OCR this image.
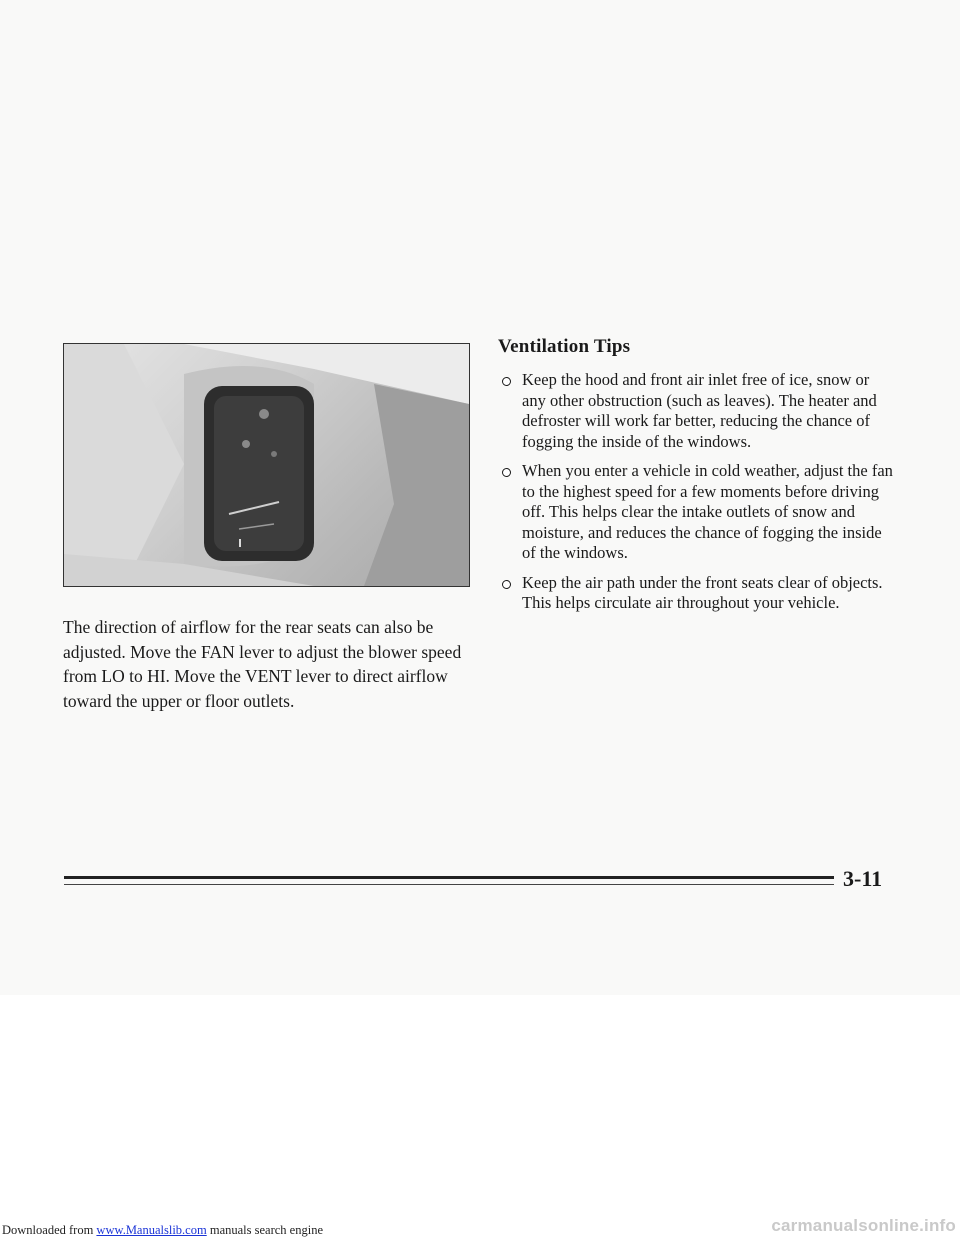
The direction of airflow for the rear seats can also be adjusted. Move the FAN lever to adjust the blower speed from LO to HI. Move the VENT lever to direct airflow toward the upper or floor outlets.

Ventilation Tips
Keep the hood and front air inlet free of ice, snow or any other obstruction (such as leaves). The heater and defroster will work far better, reducing the chance of fogging the inside of the windows.
When you enter a vehicle in cold weather, adjust the fan to the highest speed for a few moments before driving off. This helps clear the intake outlets of snow and moisture, and reduces the chance of fogging the inside of the windows.
Keep the air path under the front seats clear of objects. This helps circulate air throughout your vehicle.

3-11

Downloaded from www.Manualslib.com manuals search engine	carmanualsonline.info
